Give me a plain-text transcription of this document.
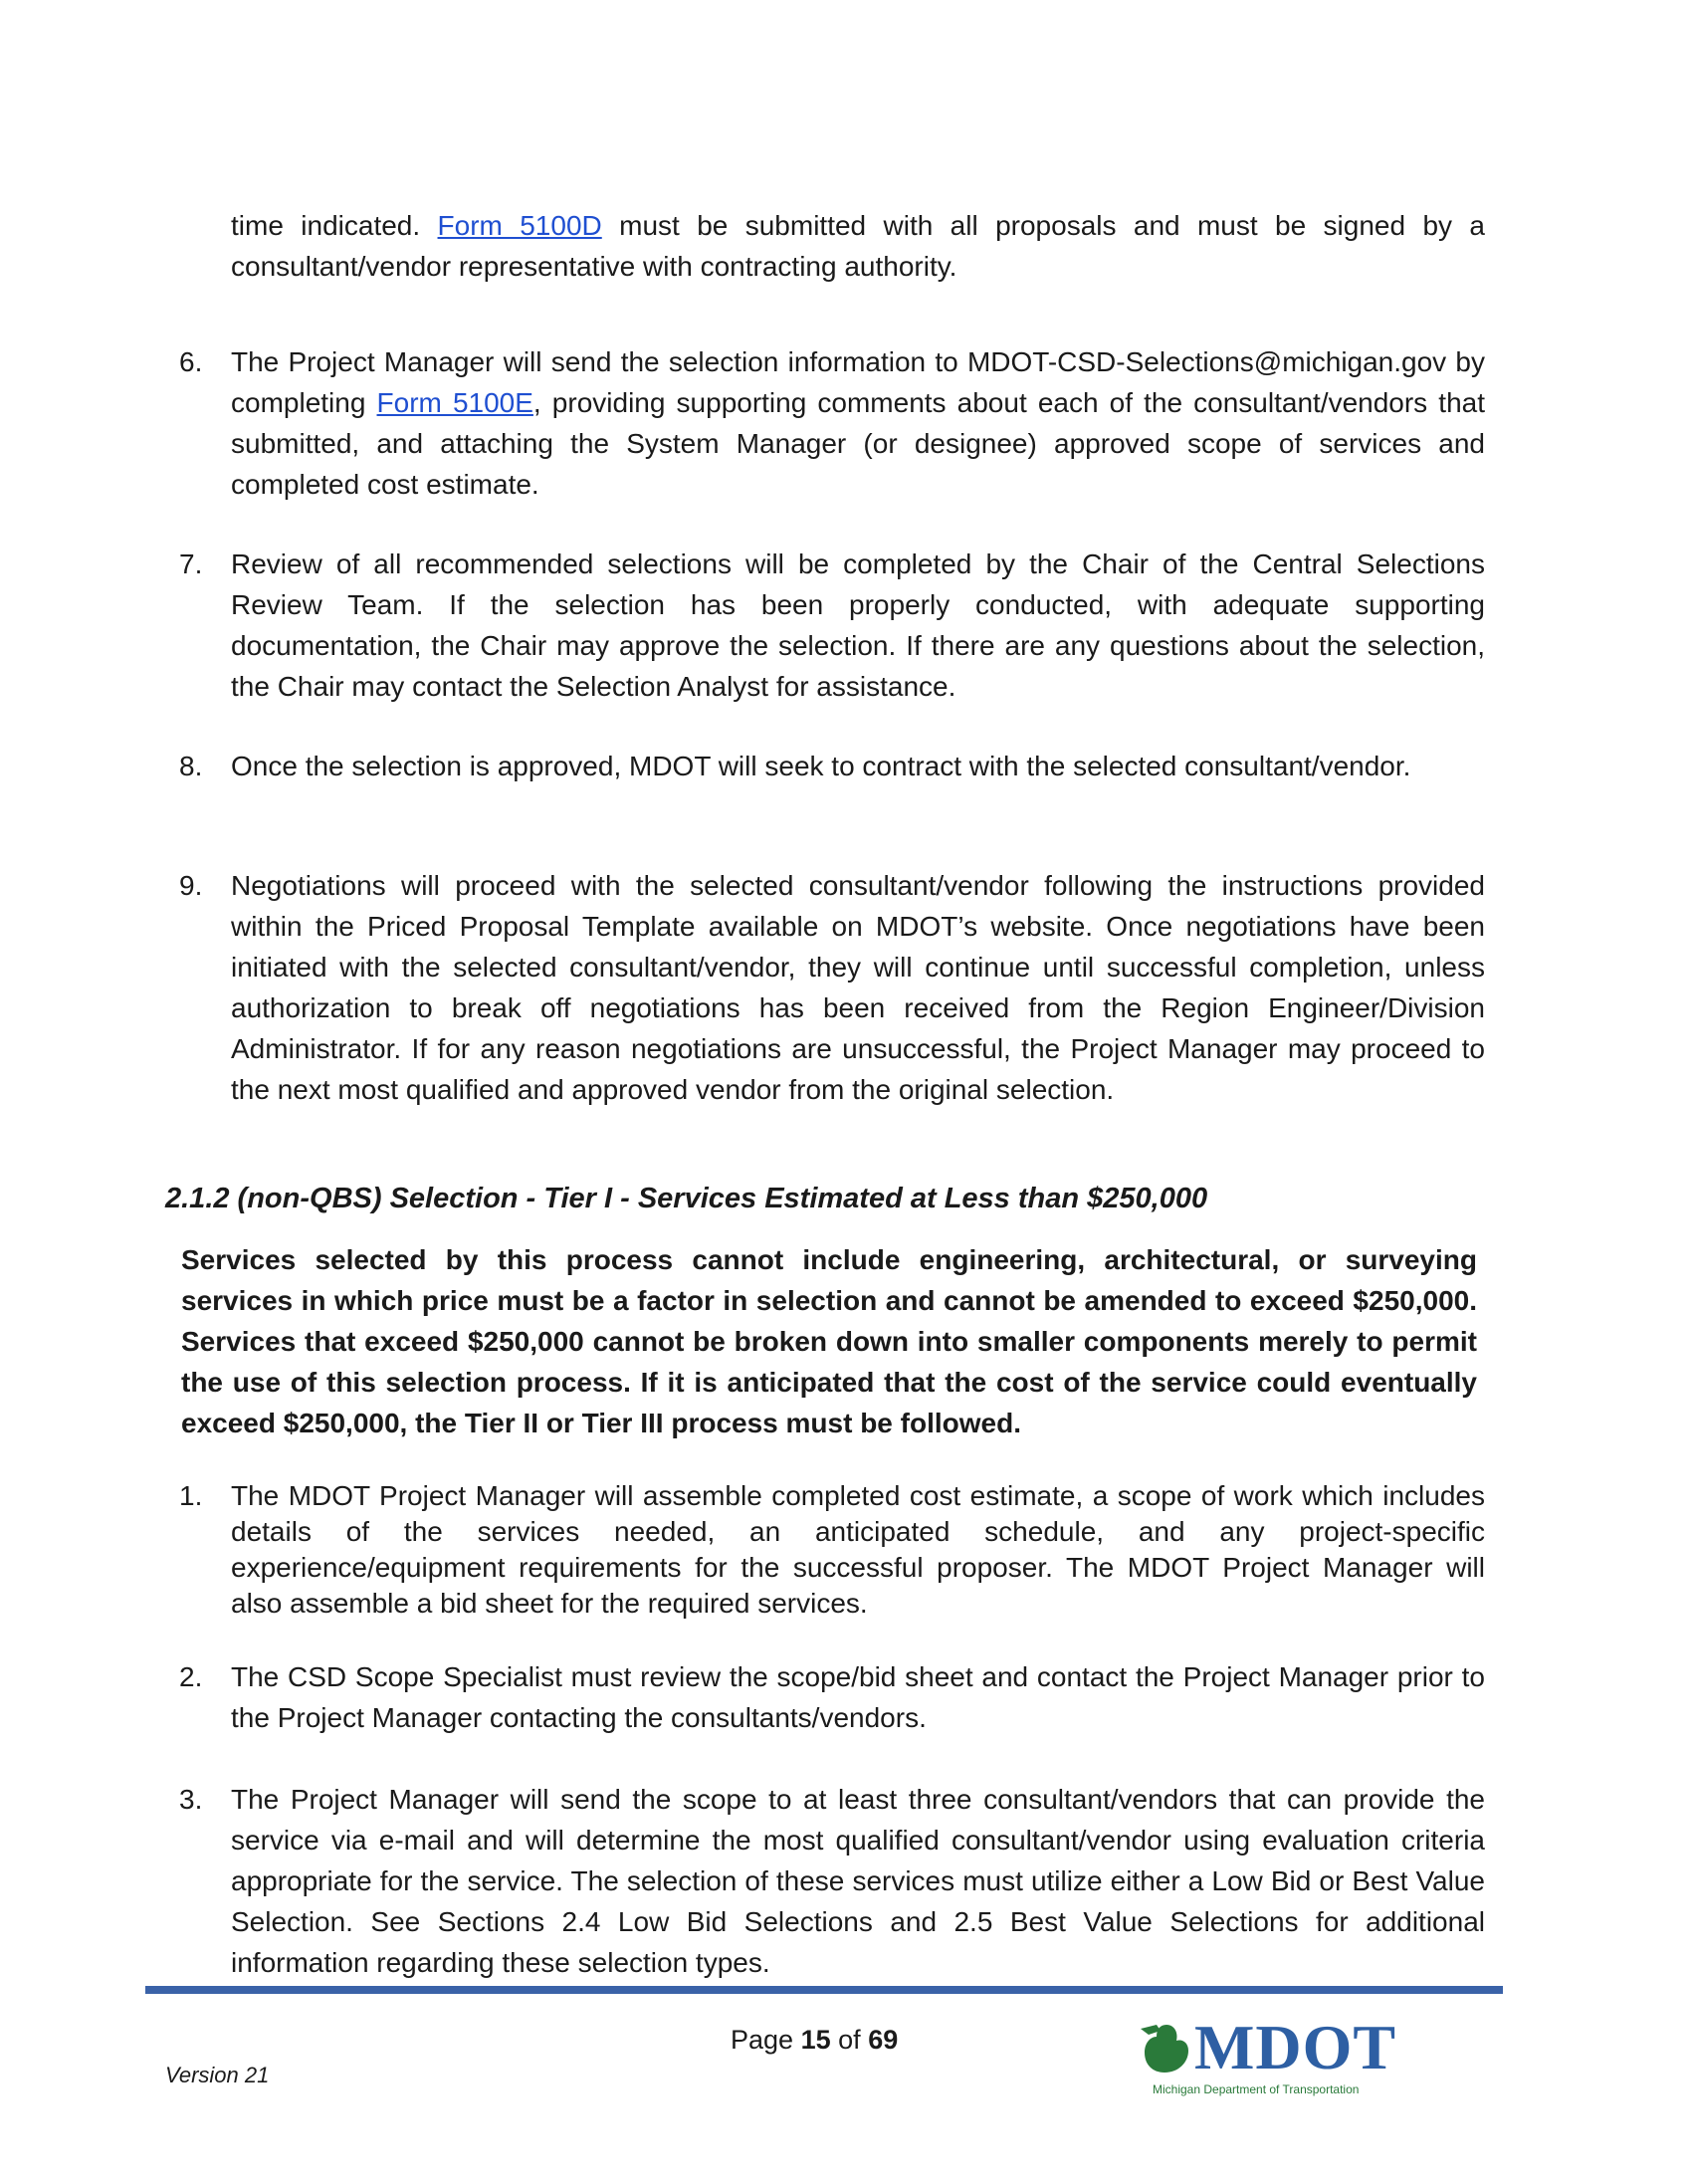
time indicated. Form 5100D must be submitted with all proposals and must be signed by a consultant/vendor representative with contracting authority.
6.	The Project Manager will send the selection information to MDOT-CSD-Selections@michigan.gov by completing Form 5100E, providing supporting comments about each of the consultant/vendors that submitted, and attaching the System Manager (or designee) approved scope of services and completed cost estimate.
7.	Review of all recommended selections will be completed by the Chair of the Central Selections Review Team. If the selection has been properly conducted, with adequate supporting documentation, the Chair may approve the selection. If there are any questions about the selection, the Chair may contact the Selection Analyst for assistance.
8.	Once the selection is approved, MDOT will seek to contract with the selected consultant/vendor.
9.	Negotiations will proceed with the selected consultant/vendor following the instructions provided within the Priced Proposal Template available on MDOT’s website. Once negotiations have been initiated with the selected consultant/vendor, they will continue until successful completion, unless authorization to break off negotiations has been received from the Region Engineer/Division Administrator. If for any reason negotiations are unsuccessful, the Project Manager may proceed to the next most qualified and approved vendor from the original selection.
2.1.2 (non-QBS) Selection - Tier I - Services Estimated at Less than $250,000
Services selected by this process cannot include engineering, architectural, or surveying services in which price must be a factor in selection and cannot be amended to exceed $250,000. Services that exceed $250,000 cannot be broken down into smaller components merely to permit the use of this selection process. If it is anticipated that the cost of the service could eventually exceed $250,000, the Tier II or Tier III process must be followed.
1.	The MDOT Project Manager will assemble completed cost estimate, a scope of work which includes details of the services needed, an anticipated schedule, and any project-specific experience/equipment requirements for the successful proposer. The MDOT Project Manager will also assemble a bid sheet for the required services.
2.	The CSD Scope Specialist must review the scope/bid sheet and contact the Project Manager prior to the Project Manager contacting the consultants/vendors.
3.	The Project Manager will send the scope to at least three consultant/vendors that can provide the service via e-mail and will determine the most qualified consultant/vendor using evaluation criteria appropriate for the service. The selection of these services must utilize either a Low Bid or Best Value Selection. See Sections 2.4 Low Bid Selections and 2.5 Best Value Selections for additional information regarding these selection types.
Page 15 of 69
Version 21	MDOT
Michigan Department of Transportation
